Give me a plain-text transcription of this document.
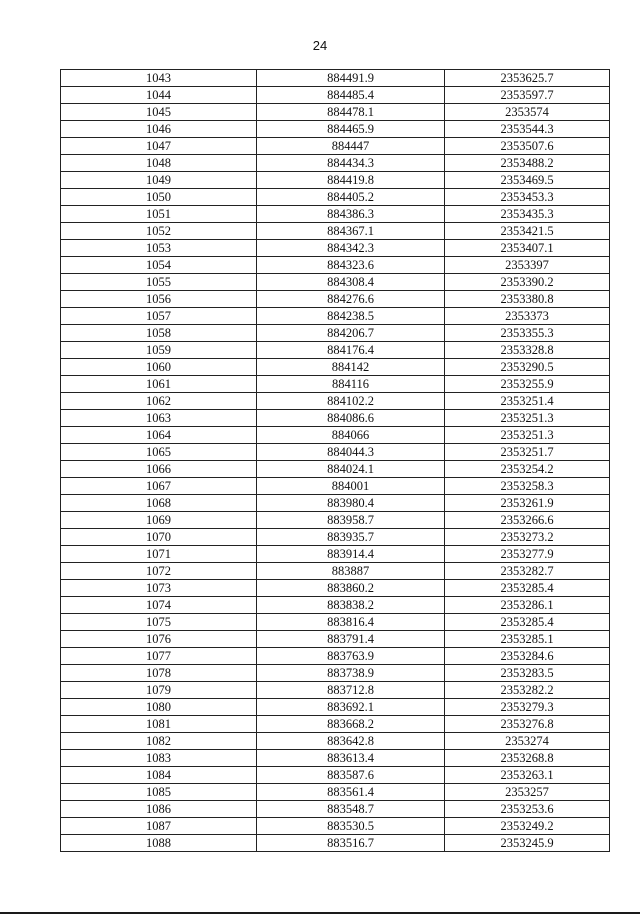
24
1043	884491.9	2353625.7
1044	884485.4	2353597.7
1045	884478.1	2353574
1046	884465.9	2353544.3
1047	884447	2353507.6
1048	884434.3	2353488.2
1049	884419.8	2353469.5
1050	884405.2	2353453.3
1051	884386.3	2353435.3
1052	884367.1	2353421.5
1053	884342.3	2353407.1
1054	884323.6	2353397
1055	884308.4	2353390.2
1056	884276.6	2353380.8
1057	884238.5	2353373
1058	884206.7	2353355.3
1059	884176.4	2353328.8
1060	884142	2353290.5
1061	884116	2353255.9
1062	884102.2	2353251.4
1063	884086.6	2353251.3
1064	884066	2353251.3
1065	884044.3	2353251.7
1066	884024.1	2353254.2
1067	884001	2353258.3
1068	883980.4	2353261.9
1069	883958.7	2353266.6
1070	883935.7	2353273.2
1071	883914.4	2353277.9
1072	883887	2353282.7
1073	883860.2	2353285.4
1074	883838.2	2353286.1
1075	883816.4	2353285.4
1076	883791.4	2353285.1
1077	883763.9	2353284.6
1078	883738.9	2353283.5
1079	883712.8	2353282.2
1080	883692.1	2353279.3
1081	883668.2	2353276.8
1082	883642.8	2353274
1083	883613.4	2353268.8
1084	883587.6	2353263.1
1085	883561.4	2353257
1086	883548.7	2353253.6
1087	883530.5	2353249.2
1088	883516.7	2353245.9
